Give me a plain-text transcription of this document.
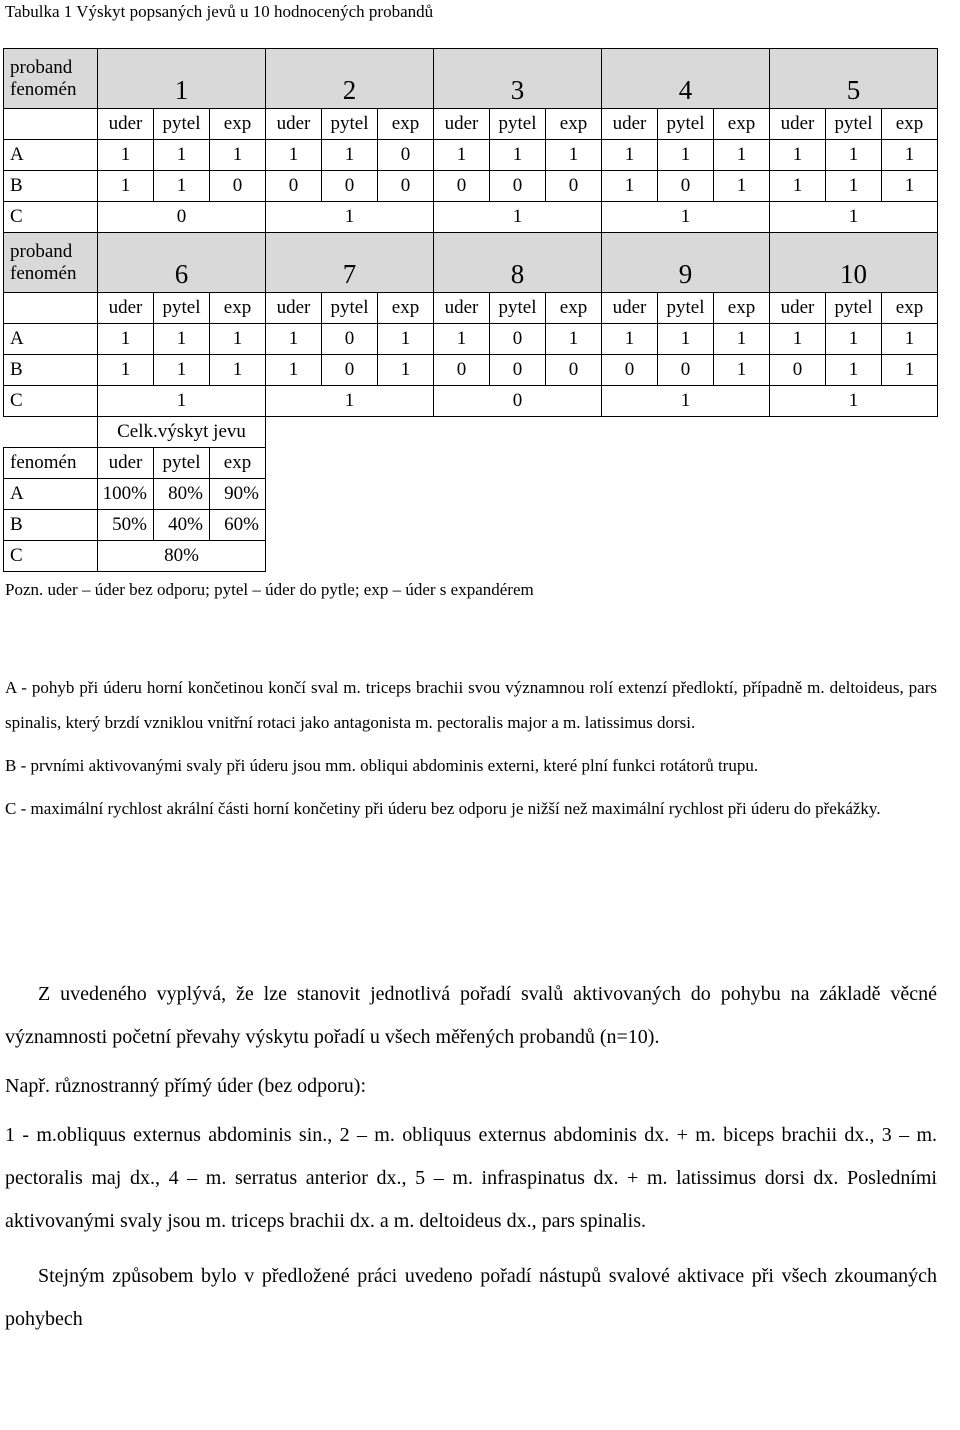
Tabulka 1 Výskyt popsaných jevů u 10 hodnocených probandů
proband
fenomén	1			2			3			4			5		
	uder	pytel	exp	uder	pytel	exp	uder	pytel	exp	uder	pytel	exp	uder	pytel	exp
A	1	1	1	1	1	0	1	1	1	1	1	1	1	1	1
B	1	1	0	0	0	0	0	0	0	1	0	1	1	1	1
C	0			1			1			1			1		
proband
fenomén	6			7			8			9			10		
	uder	pytel	exp	uder	pytel	exp	uder	pytel	exp	uder	pytel	exp	uder	pytel	exp
A	1	1	1	1	0	1	1	0	1	1	1	1	1	1	1
B	1	1	1	1	0	1	0	0	0	0	0	1	0	1	1
C	1			1			0			1			1		
	Celk.výskyt jevu														
fenomén	uder	pytel	exp												
A	100%	80%	90%												
B	50%	40%	60%												
C	80%														
Pozn. uder – úder bez odporu; pytel – úder do pytle; exp – úder s expandérem

A - pohyb při úderu horní končetinou končí sval m. triceps brachii svou významnou rolí extenzí předloktí, případně m. deltoideus, pars spinalis, který brzdí vzniklou vnitřní rotaci jako antagonista m. pectoralis major a m. latissimus dorsi.

B - prvními aktivovanými svaly při úderu jsou mm. obliqui abdominis externi, které plní funkci rotátorů trupu.

C - maximální rychlost akrální části horní končetiny při úderu bez odporu je nižší než maximální rychlost při úderu do překážky.

Z uvedeného vyplývá, že lze stanovit jednotlivá pořadí svalů aktivovaných do pohybu na základě věcné významnosti početní převahy výskytu pořadí u všech měřených probandů (n=10).

Např. různostranný přímý úder (bez odporu):

1 - m.obliquus externus abdominis sin., 2 – m. obliquus externus abdominis dx. + m. biceps brachii dx., 3 – m. pectoralis maj dx., 4 – m. serratus anterior dx., 5 – m. infraspinatus dx. + m. latissimus dorsi dx. Posledními aktivovanými svaly jsou m. triceps brachii dx. a m. deltoideus dx., pars spinalis.

Stejným způsobem bylo v předložené práci uvedeno pořadí nástupů svalové aktivace při všech zkoumaných pohybech
